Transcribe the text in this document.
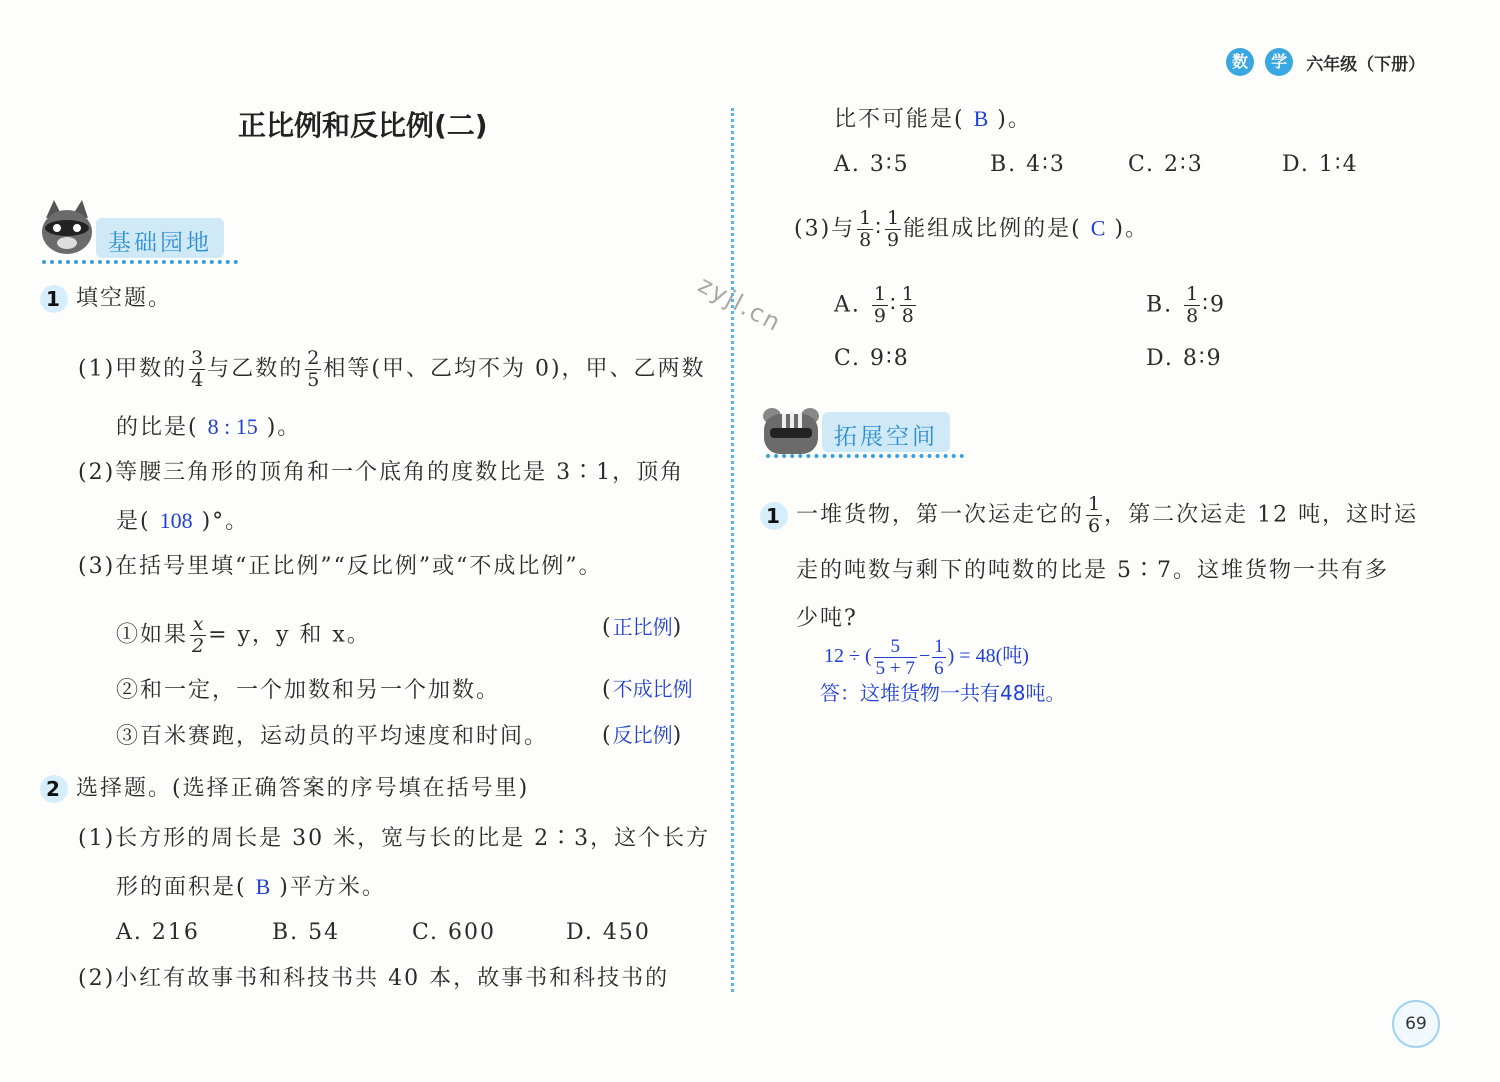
数 学 六年级（下册）
正比例和反比例(二)
基础园地
zyjl.cn
1 填空题。
(1)甲数的 $\frac{3}{4}$ 与乙数的 $\frac{2}{5}$ 相等(甲、乙均不为 0)，甲、乙两数
的比是( 8 : 15 )。
(2)等腰三角形的顶角和一个底角的度数比是 3∶1，顶角
是( 108 )°。
(3)在括号里填“正比例”“反比例”或“不成比例”。
①如果 $\frac{x}{2} = y$，y 和 x。	(正比例)
②和一定，一个加数和另一个加数。	(不成比例
③百米赛跑，运动员的平均速度和时间。 (反比例)
2 选择题。(选择正确答案的序号填在括号里)
(1)长方形的周长是 30 米，宽与长的比是 2∶3，这个长方
形的面积是( B )平方米。
A. 216	B. 54	C. 600	D. 450
(2)小红有故事书和科技书共 40 本，故事书和科技书的
比不可能是( B )。
A. 3∶5	B. 4∶3	C. 2∶3	D. 1∶4
(3)与 $\frac{1}{8}$ ∶ $\frac{1}{9}$ 能组成比例的是( C )。
A. $\frac{1}{9}$ ∶ $\frac{1}{8}$	B. $\frac{1}{8}$ ∶9
C. 9∶8	D. 8∶9
拓展空间
1 一堆货物，第一次运走它的 $\frac{1}{6}$ ，第二次运走 12 吨，这时运
走的吨数与剩下的吨数的比是 5∶7。这堆货物一共有多
少吨?
12 ÷ ( $\frac{5}{5 + 7} - \frac{1}{6}$ ) = 48(吨)
答：这堆货物一共有48吨。
69
